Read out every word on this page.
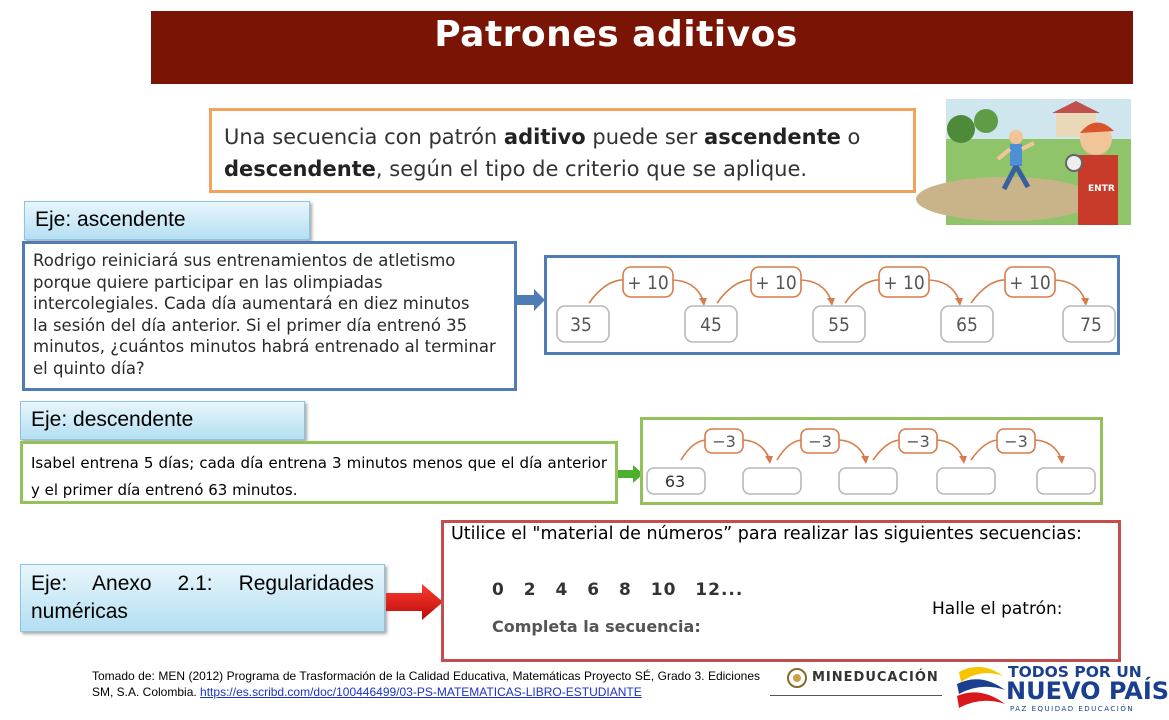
Patrones aditivos
Una secuencia con patrón aditivo puede ser ascendente o descendente, según el tipo de criterio que se aplique.
ENTR
Eje: ascendente
Rodrigo reiniciará sus entrenamientos de atletismo
porque quiere participar en las olimpiadas
intercolegiales. Cada día aumentará en diez minutos
la sesión del día anterior. Si el primer día entrenó 35
minutos, ¿cuántos minutos habrá entrenado al terminar
el quinto día?
+ 10	+ 10	+ 10	+ 10
35	45	55	65	75
Eje: descendente
Isabel entrena 5 días; cada día entrena 3 minutos menos que el día anterior y el primer día entrenó 63 minutos.
−3	−3	−3	−3
63
Eje: Anexo 2.1: Regularidades
numéricas
Utilice el "material de números” para realizar las siguientes secuencias:
0 2 4 6 8 10 12...
Completa la secuencia:
Halle el patrón:
Tomado de: MEN (2012) Programa de Trasformación de la Calidad Educativa, Matemáticas Proyecto SÉ, Grado 3. Ediciones SM, S.A. Colombia. https://es.scribd.com/doc/100446499/03-PS-MATEMATICAS-LIBRO-ESTUDIANTE
MINEDUCACIÓN	TODOS POR UN
NUEVO PAÍS
PAZ EQUIDAD EDUCACIÓN
